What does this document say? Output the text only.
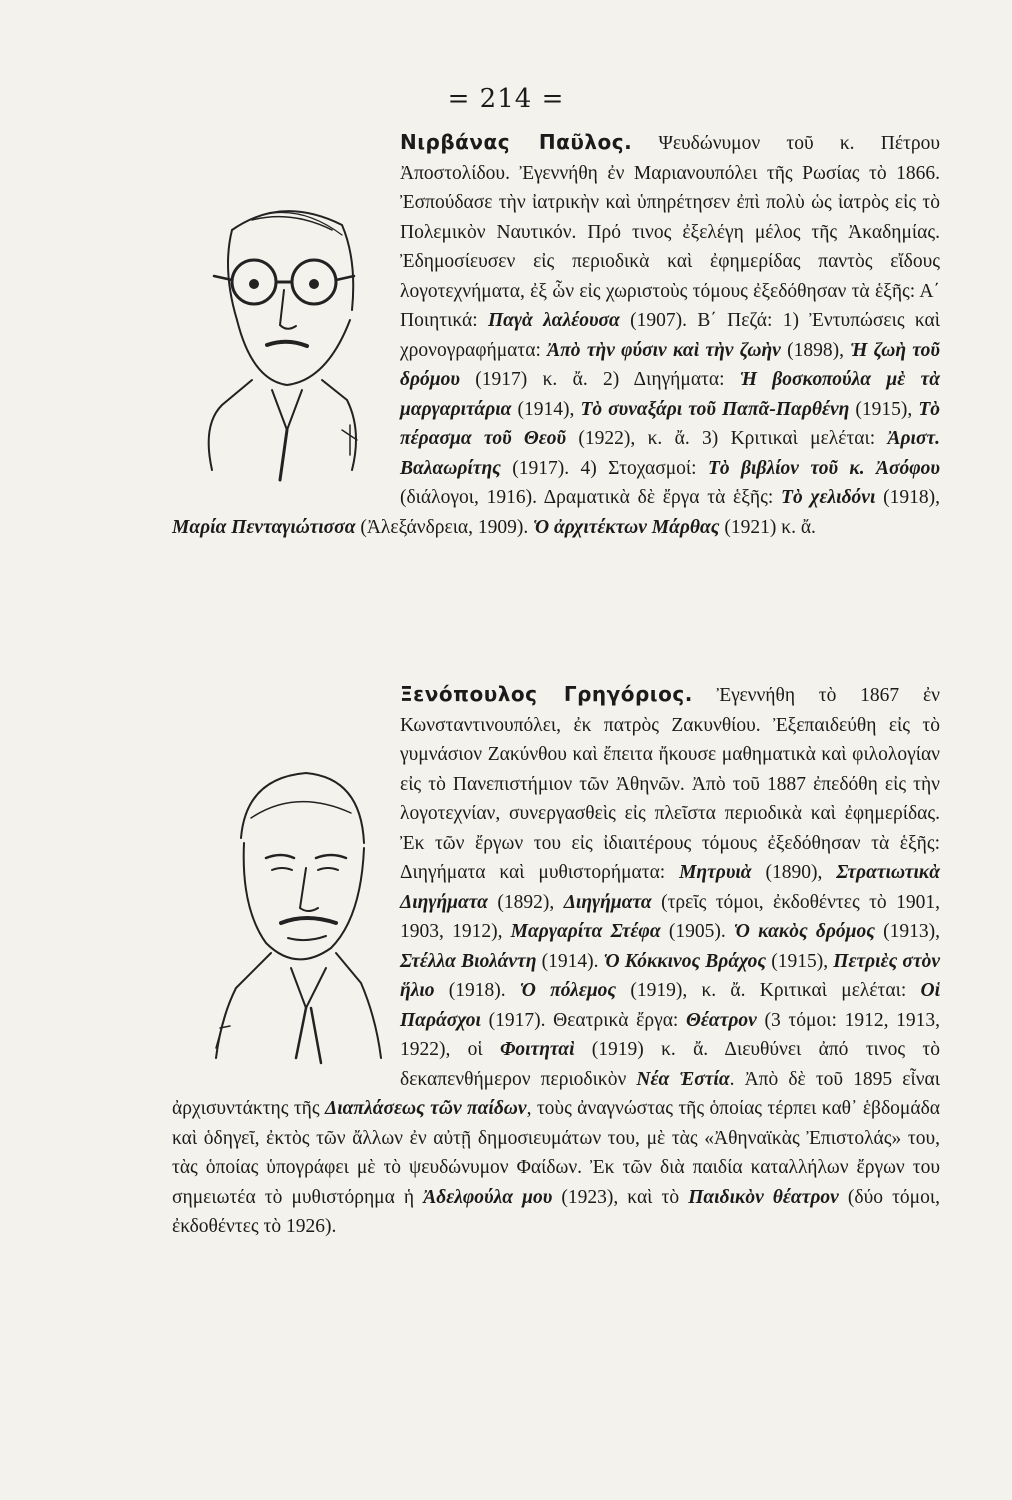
= 214 =

Νιρβάνας Παῦλος. Ψευδώνυμον τοῦ κ. Πέτρου Ἀποστολίδου. Ἐγεννήθη ἐν Μαριανουπόλει τῆς Ρωσίας τὸ 1866. Ἐσπούδασε τὴν ἰατρικὴν καὶ ὑπηρέτησεν ἐπὶ πολὺ ὡς ἰατρὸς εἰς τὸ Πολεμικὸν Ναυτικόν. Πρό τινος ἐξελέγη μέλος τῆς Ἀκαδημίας. Ἐδημοσίευσεν εἰς περιοδικὰ καὶ ἐφημερίδας παντὸς εἴδους λογοτεχνήματα, ἐξ ὧν εἰς χωριστοὺς τόμους ἐξεδόθησαν τὰ ἑξῆς: Α΄ Ποιητικά: Παγὰ λαλέουσα (1907). Β΄ Πεζά: 1) Ἐντυπώσεις καὶ χρονογραφήματα: Ἀπὸ τὴν φύσιν καὶ τὴν ζωὴν (1898), Ἡ ζωὴ τοῦ δρόμου (1917) κ. ἄ. 2) Διηγήματα: Ἡ βοσκοπούλα μὲ τὰ μαργαριτάρια (1914), Τὸ συναξάρι τοῦ Παπᾶ-Παρθένη (1915), Τὸ πέρασμα τοῦ Θεοῦ (1922), κ. ἄ. 3) Κριτικαὶ μελέται: Ἀριστ. Βαλαωρίτης (1917). 4) Στοχασμοί: Τὸ βιβλίον τοῦ κ. Ἀσόφου (διάλογοι, 1916). Δραματικὰ δὲ ἔργα τὰ ἑξῆς: Τὸ χελιδόνι (1918), Μαρία Πενταγιώτισσα (Ἀλεξάνδρεια, 1909). Ὁ ἀρχιτέκτων Μάρθας (1921) κ. ἄ.

Ξενόπουλος Γρηγόριος. Ἐγεννήθη τὸ 1867 ἐν Κωνσταντινουπόλει, ἐκ πατρὸς Ζακυνθίου. Ἐξεπαιδεύθη εἰς τὸ γυμνάσιον Ζακύνθου καὶ ἔπειτα ἤκουσε μαθηματικὰ καὶ φιλολογίαν εἰς τὸ Πανεπιστήμιον τῶν Ἀθηνῶν. Ἀπὸ τοῦ 1887 ἐπεδόθη εἰς τὴν λογοτεχνίαν, συνεργασθεὶς εἰς πλεῖστα περιοδικὰ καὶ ἐφημερίδας. Ἐκ τῶν ἔργων του εἰς ἰδιαιτέρους τόμους ἐξεδόθησαν τὰ ἑξῆς: Διηγήματα καὶ μυθιστορήματα: Μητρυιὰ (1890), Στρατιωτικὰ Διηγήματα (1892), Διηγήματα (τρεῖς τόμοι, ἐκδοθέντες τὸ 1901, 1903, 1912), Μαργαρίτα Στέφα (1905). Ὁ κακὸς δρόμος (1913), Στέλλα Βιολάντη (1914). Ὁ Κόκκινος Βράχος (1915), Πετριὲς στὸν ἥλιο (1918). Ὁ πόλεμος (1919), κ. ἄ. Κριτικαὶ μελέται: Οἱ Παράσχοι (1917). Θεατρικὰ ἔργα: Θέατρον (3 τόμοι: 1912, 1913, 1922), οἱ Φοιτηταὶ (1919) κ. ἄ. Διευθύνει ἀπό τινος τὸ δεκαπενθήμερον περιοδικὸν Νέα Ἑστία. Ἀπὸ δὲ τοῦ 1895 εἶναι ἀρχισυντάκτης τῆς Διαπλάσεως τῶν παίδων, τοὺς ἀναγνώστας τῆς ὁποίας τέρπει καθ᾽ ἑβδομάδα καὶ ὁδηγεῖ, ἐκτὸς τῶν ἄλλων ἐν αὐτῇ δημοσιευμάτων του, μὲ τὰς «Ἀθηναϊκὰς Ἐπιστολάς» του, τὰς ὁποίας ὑπογράφει μὲ τὸ ψευδώνυμον Φαίδων. Ἐκ τῶν διὰ παιδία καταλλήλων ἔργων του σημειωτέα τὸ μυθιστόρημα ἡ Ἀδελφούλα μου (1923), καὶ τὸ Παιδικὸν θέατρον (δύο τόμοι, ἐκδοθέντες τὸ 1926).
